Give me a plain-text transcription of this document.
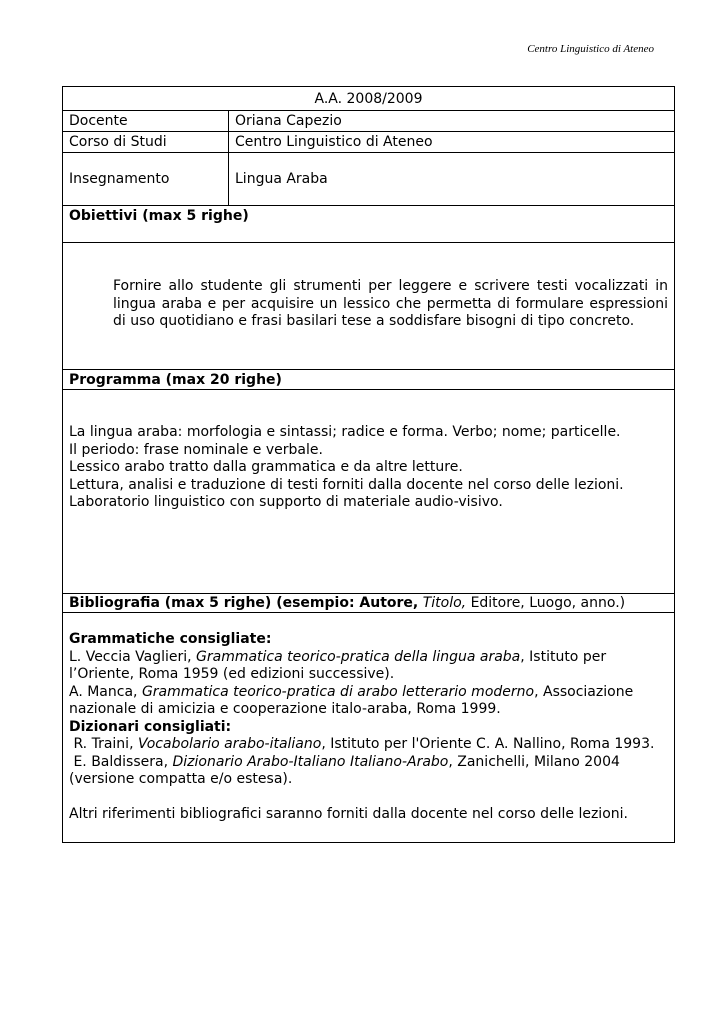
Centro Linguistico di Ateneo
A.A. 2008/2009
Docente	Oriana Capezio
Corso di Studi	Centro Linguistico di Ateneo
Insegnamento	Lingua Araba
Obiettivi (max 5 righe)
Fornire allo studente gli strumenti per leggere e scrivere testi vocalizzati in lingua araba e per acquisire un lessico che permetta di formulare espressioni di uso quotidiano e frasi basilari tese a soddisfare bisogni di tipo concreto.
Programma (max 20 righe)

La lingua araba: morfologia e sintassi; radice e forma. Verbo; nome; particelle.

Il periodo: frase nominale e verbale.

Lessico arabo tratto dalla grammatica e da altre letture.

Lettura, analisi e traduzione di testi forniti dalla docente nel corso delle lezioni.

Laboratorio linguistico con supporto di materiale audio-visivo.

Bibliografia (max 5 righe) (esempio: Autore,
Titolo,
Editore, Luogo, anno.)

Grammatiche consigliate:

L. Veccia Vaglieri, Grammatica teorico-pratica della lingua araba, Istituto per l’Oriente, Roma 1959 (ed edizioni successive).

A. Manca, Grammatica teorico-pratica di arabo letterario moderno, Associazione nazionale di amicizia e cooperazione italo-araba, Roma 1999.

Dizionari consigliati:

R. Traini, Vocabolario arabo-italiano, Istituto per l'Oriente C. A. Nallino, Roma 1993.

E. Baldissera, Dizionario Arabo-Italiano Italiano-Arabo, Zanichelli, Milano 2004 (versione compatta e/o estesa).

Altri riferimenti bibliografici saranno forniti dalla docente nel corso delle lezioni.
